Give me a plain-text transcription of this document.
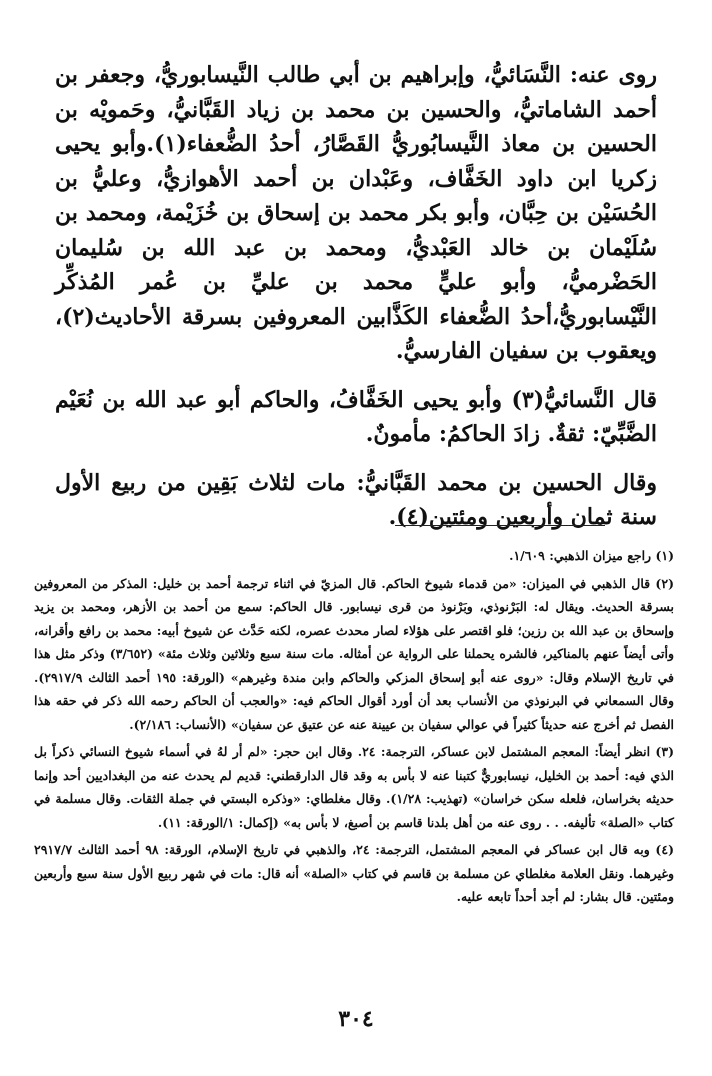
روى عنه: النَّسَائيُّ، وإبراهيم بن أبي طالب النَّيسابوريُّ، وجعفر بن أحمد الشاماتيُّ، والحسين بن محمد بن زياد القَبَّانيُّ، وحَمويْه بن الحسين بن معاذ النَّيسابُوريُّ القَصَّارُ، أحدُ الضُّعفاء(١).وأبو يحيى زكريا ابن داود الخَفَّاف، وعَبْدان بن أحمد الأهوازيُّ، وعليُّ بن الحُسَيْن بن حِبَّان، وأبو بكر محمد بن إسحاق بن خُزَيْمة، ومحمد بن سُلَيْمان بن خالد العَبْديُّ، ومحمد بن عبد الله بن سُليمان الحَضْرميُّ، وأبو عليٍّ محمد بن عليِّ بن عُمر المُذكِّر النَّيْسابوريُّ،أحدُ الضُّعفاء الكَذَّابين المعروفين بسرقة الأحاديث(٢)، ويعقوب بن سفيان الفارسيُّ.

قال النَّسائيُّ(٣) وأبو يحيى الخَفَّافُ، والحاكم أبو عبد الله بن نُعَيْم الضَّبِّيّ: ثقةٌ. زادَ الحاكمُ: مأمونٌ.

وقال الحسين بن محمد القَبَّانيُّ: مات لثلاث بَقِين من ربيع الأول سنة ثمان وأربعين ومئتين(٤).

(١) راجع ميزان الذهبي: ١/٦٠٩.

(٢) قال الذهبي في الميزان: «من قدماء شيوخ الحاكم. قال المزيّ في اثناء ترجمة أحمد بن خليل: المذكر من المعروفين بسرقة الحديث. ويقال له: البَرْنوذي، وبَرْنوذ من قرى نيسابور. قال الحاكم: سمع من أحمد بن الأزهر، ومحمد بن يزيد وإسحاق بن عبد الله بن رزين؛ فلو اقتصر على هؤلاء لصار محدث عصره، لكنه حَدَّث عن شيوخ أبيه: محمد بن رافع وأقرانه، وأتى أيضاً عنهم بالمناكير، فالشره يحملنا على الرواية عن أمثاله. مات سنة سبع وثلاثين وثلاث مئة» (٣/٦٥٢) وذكر مثل هذا في تاريخ الإسلام وقال: «روى عنه أبو إسحاق المزكي والحاكم وابن مندة وغيرهم» (الورقة: ١٩٥ أحمد الثالث ٢٩١٧/٩). وقال السمعاني في البرنوذي من الأنساب بعد أن أورد أقوال الحاكم فيه: «والعجب أن الحاكم رحمه الله ذكر في حقه هذا الفصل ثم أخرج عنه حديثاً كثيراً في عوالي سفيان بن عيينة عنه عن عتيق عن سفيان» (الأنساب: ٢/١٨٦).

(٣) انظر أيضاً: المعجم المشتمل لابن عساكر، الترجمة: ٢٤. وقال ابن حجر: «لم أر لهُ في أسماء شيوخ النسائي ذكراً بل الذي فيه: أحمد بن الخليل، نيسابوريٌّ كتبنا عنه لا بأس به وقد قال الدارقطني: قديم لم يحدث عنه من البغداديين أحد وإنما حديثه بخراسان، فلعله سكن خراسان» (تهذيب: ١/٢٨). وقال مغلطاي: «وذكره البستي في جملة الثقات. وقال مسلمة في كتاب «الصلة» تأليفه. . . روى عنه من أهل بلدنا قاسم بن أصبغ، لا بأس به» (إكمال: ١/الورقة: ١١).

(٤) وبه قال ابن عساكر في المعجم المشتمل، الترجمة: ٢٤، والذهبي في تاريخ الإسلام، الورقة: ٩٨ أحمد الثالث ٢٩١٧/٧ وغيرهما. ونقل العلامة مغلطاي عن مسلمة بن قاسم في كتاب «الصلة» أنه قال: مات في شهر ربيع الأول سنة سبع وأربعين ومئتين. قال بشار: لم أجد أحداً تابعه عليه.

٣٠٤
